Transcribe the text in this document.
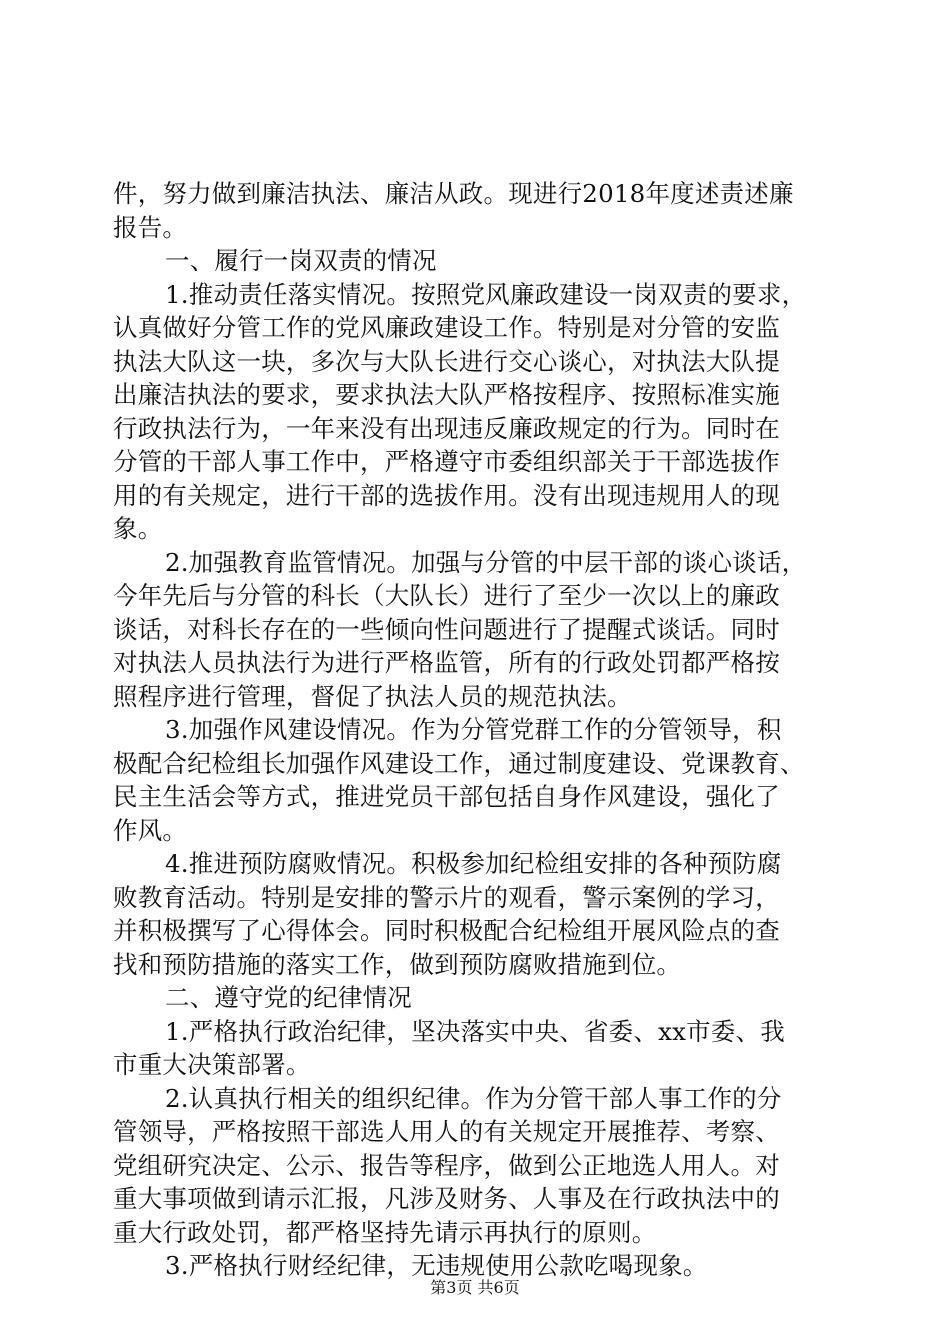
件，努力做到廉洁执法、廉洁从政。现进行2018年度述责述廉
报告。
一、履行一岗双责的情况
1.推动责任落实情况。按照党风廉政建设一岗双责的要求，
认真做好分管工作的党风廉政建设工作。特别是对分管的安监
执法大队这一块，多次与大队长进行交心谈心，对执法大队提
出廉洁执法的要求，要求执法大队严格按程序、按照标准实施
行政执法行为，一年来没有出现违反廉政规定的行为。同时在
分管的干部人事工作中，严格遵守市委组织部关于干部选拔作
用的有关规定，进行干部的选拔作用。没有出现违规用人的现
象。
2.加强教育监管情况。加强与分管的中层干部的谈心谈话，
今年先后与分管的科长（大队长）进行了至少一次以上的廉政
谈话，对科长存在的一些倾向性问题进行了提醒式谈话。同时
对执法人员执法行为进行严格监管，所有的行政处罚都严格按
照程序进行管理，督促了执法人员的规范执法。
3.加强作风建设情况。作为分管党群工作的分管领导，积
极配合纪检组长加强作风建设工作，通过制度建设、党课教育、
民主生活会等方式，推进党员干部包括自身作风建设，强化了
作风。
4.推进预防腐败情况。积极参加纪检组安排的各种预防腐
败教育活动。特别是安排的警示片的观看，警示案例的学习，
并积极撰写了心得体会。同时积极配合纪检组开展风险点的查
找和预防措施的落实工作，做到预防腐败措施到位。
二、遵守党的纪律情况
1.严格执行政治纪律，坚决落实中央、省委、xx市委、我
市重大决策部署。
2.认真执行相关的组织纪律。作为分管干部人事工作的分
管领导，严格按照干部选人用人的有关规定开展推荐、考察、
党组研究决定、公示、报告等程序，做到公正地选人用人。对
重大事项做到请示汇报，凡涉及财务、人事及在行政执法中的
重大行政处罚，都严格坚持先请示再执行的原则。
3.严格执行财经纪律，无违规使用公款吃喝现象。
第3页 共6页
